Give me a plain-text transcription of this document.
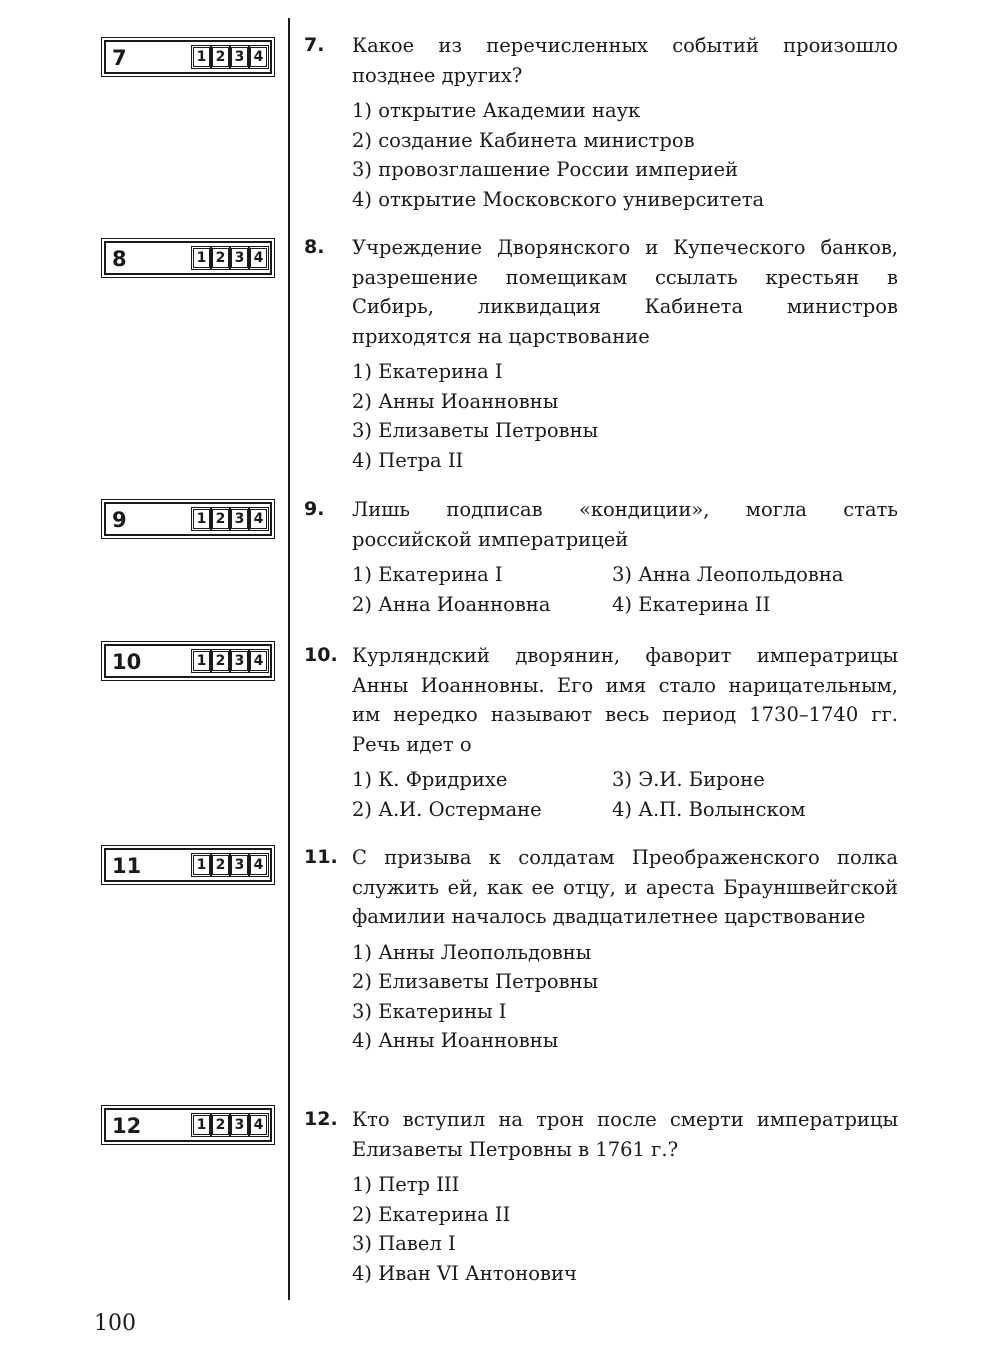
7	1 2 3 4
8	1 2 3 4
9	1 2 3 4
10	1 2 3 4
11	1 2 3 4
12	1 2 3 4
7. Какое из перечисленных событий произошло позднее других?
1) открытие Академии наук
2) создание Кабинета министров
3) провозглашение России империей
4) открытие Московского университета
8. Учреждение Дворянского и Купеческого банков, разрешение помещикам ссылать крестьян в Сибирь, ликвидация Кабинета министров приходятся на царствование
1) Екатерина I
2) Анны Иоанновны
3) Елизаветы Петровны
4) Петра II
9. Лишь подписав «кондиции», могла стать российской императрицей
1) Екатерина I	3) Анна Леопольдовна
2) Анна Иоанновна	4) Екатерина II
10. Курляндский дворянин, фаворит императрицы Анны Иоанновны. Его имя стало нарицательным, им нередко называют весь период 1730–1740 гг. Речь идет о
1) К. Фридрихе	3) Э.И. Бироне
2) А.И. Остермане	4) А.П. Волынском
11. С призыва к солдатам Преображенского полка служить ей, как ее отцу, и ареста Брауншвейгской фамилии началось двадцатилетнее царствование
1) Анны Леопольдовны
2) Елизаветы Петровны
3) Екатерины I
4) Анны Иоанновны
12. Кто вступил на трон после смерти императрицы Елизаветы Петровны в 1761 г.?
1) Петр III
2) Екатерина II
3) Павел I
4) Иван VI Антонович
100
